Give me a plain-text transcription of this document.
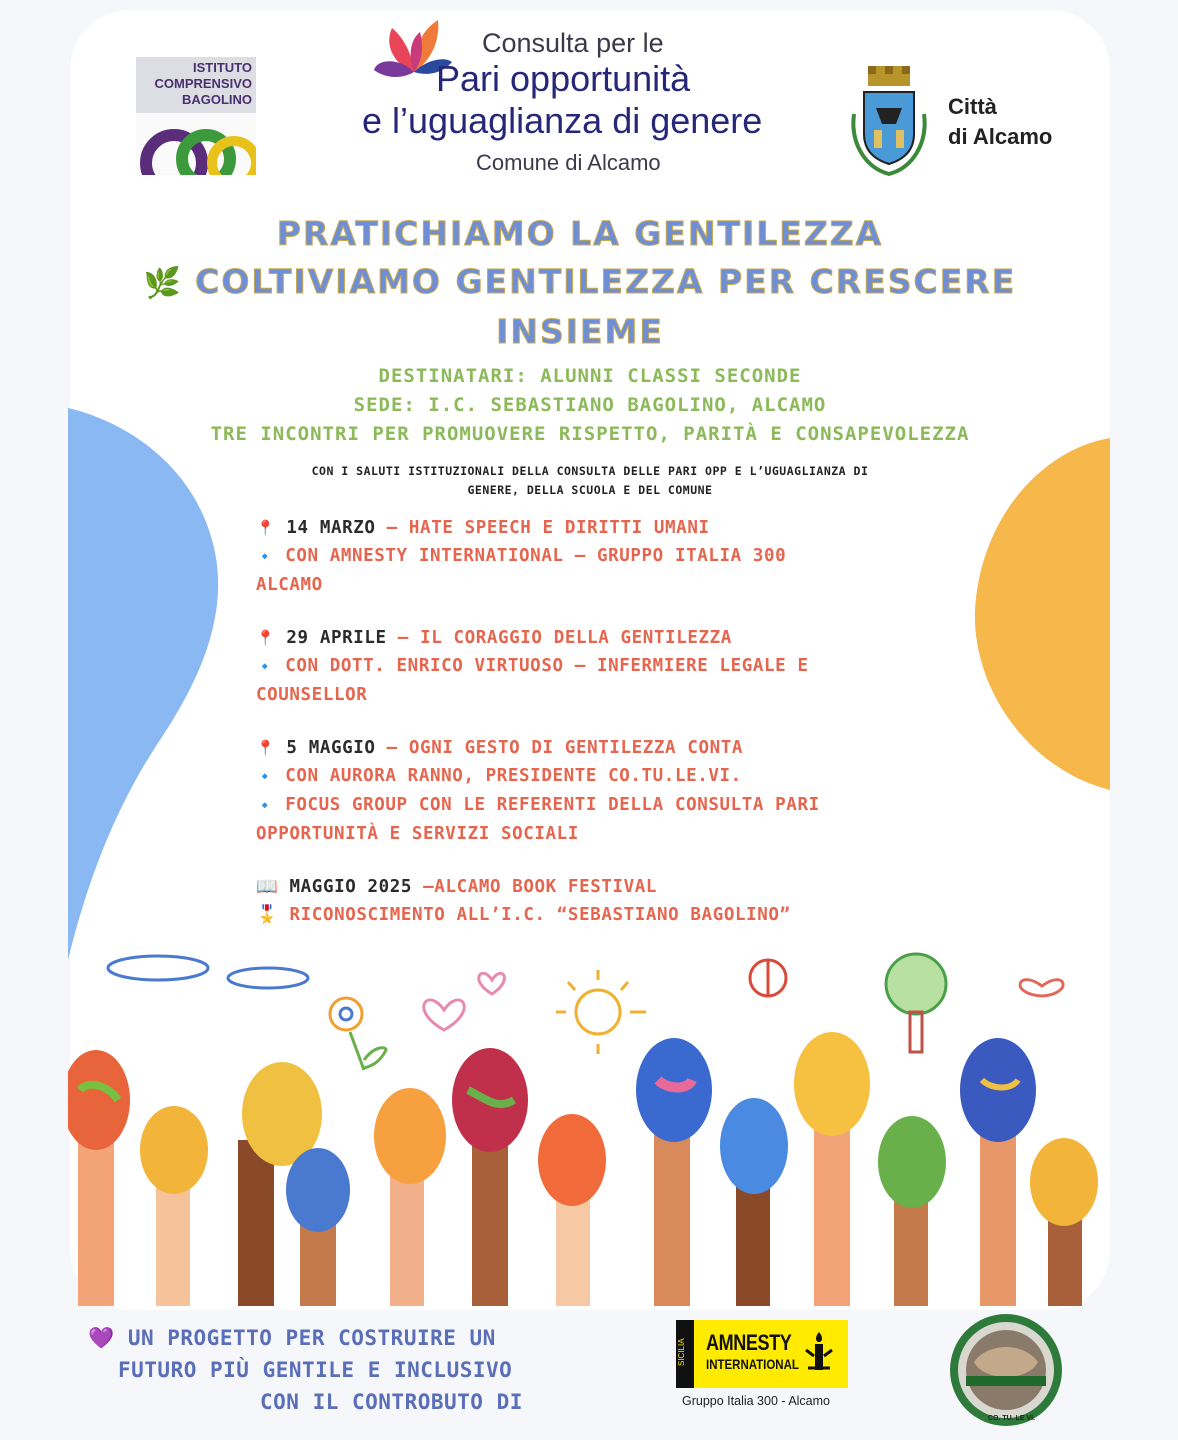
ISTITUTO
COMPRENSIVO
BAGOLINO
Consulta per le
Pari opportunità
e l’uguaglianza di genere
Comune di Alcamo
Città
di Alcamo
PRATICHIAMO LA GENTILEZZA
🌿 COLTIVIAMO GENTILEZZA PER CRESCERE
INSIEME
DESTINATARI: ALUNNI CLASSI SECONDE
SEDE: I.C. SEBASTIANO BAGOLINO, ALCAMO
TRE INCONTRI PER PROMUOVERE RISPETTO, PARITÀ E CONSAPEVOLEZZA
CON I SALUTI ISTITUZIONALI DELLA CONSULTA DELLE PARI OPP E L’UGUAGLIANZA DI
GENERE, DELLA SCUOLA E DEL COMUNE
📍 14 MARZO – HATE SPEECH E DIRITTI UMANI
🔹 CON AMNESTY INTERNATIONAL – GRUPPO ITALIA 300
ALCAMO
📍 29 APRILE – IL CORAGGIO DELLA GENTILEZZA
🔹 CON DOTT. ENRICO VIRTUOSO – INFERMIERE LEGALE E
COUNSELLOR
📍 5 MAGGIO – OGNI GESTO DI GENTILEZZA CONTA
🔹 CON AURORA RANNO, PRESIDENTE CO.TU.LE.VI.
🔹 FOCUS GROUP CON LE REFERENTI DELLA CONSULTA PARI
OPPORTUNITÀ E SERVIZI SOCIALI
📖 MAGGIO 2025 –ALCAMO BOOK FESTIVAL
🎖️ RICONOSCIMENTO ALL’I.C. “SEBASTIANO BAGOLINO”
💜 UN PROGETTO PER COSTRUIRE UN
FUTURO PIÙ GENTILE E INCLUSIVO
CON IL CONTROBUTO DI
SICILIA AMNESTY
INTERNATIONAL
Gruppo Italia 300 - Alcamo
CO. TU. LE VI.
